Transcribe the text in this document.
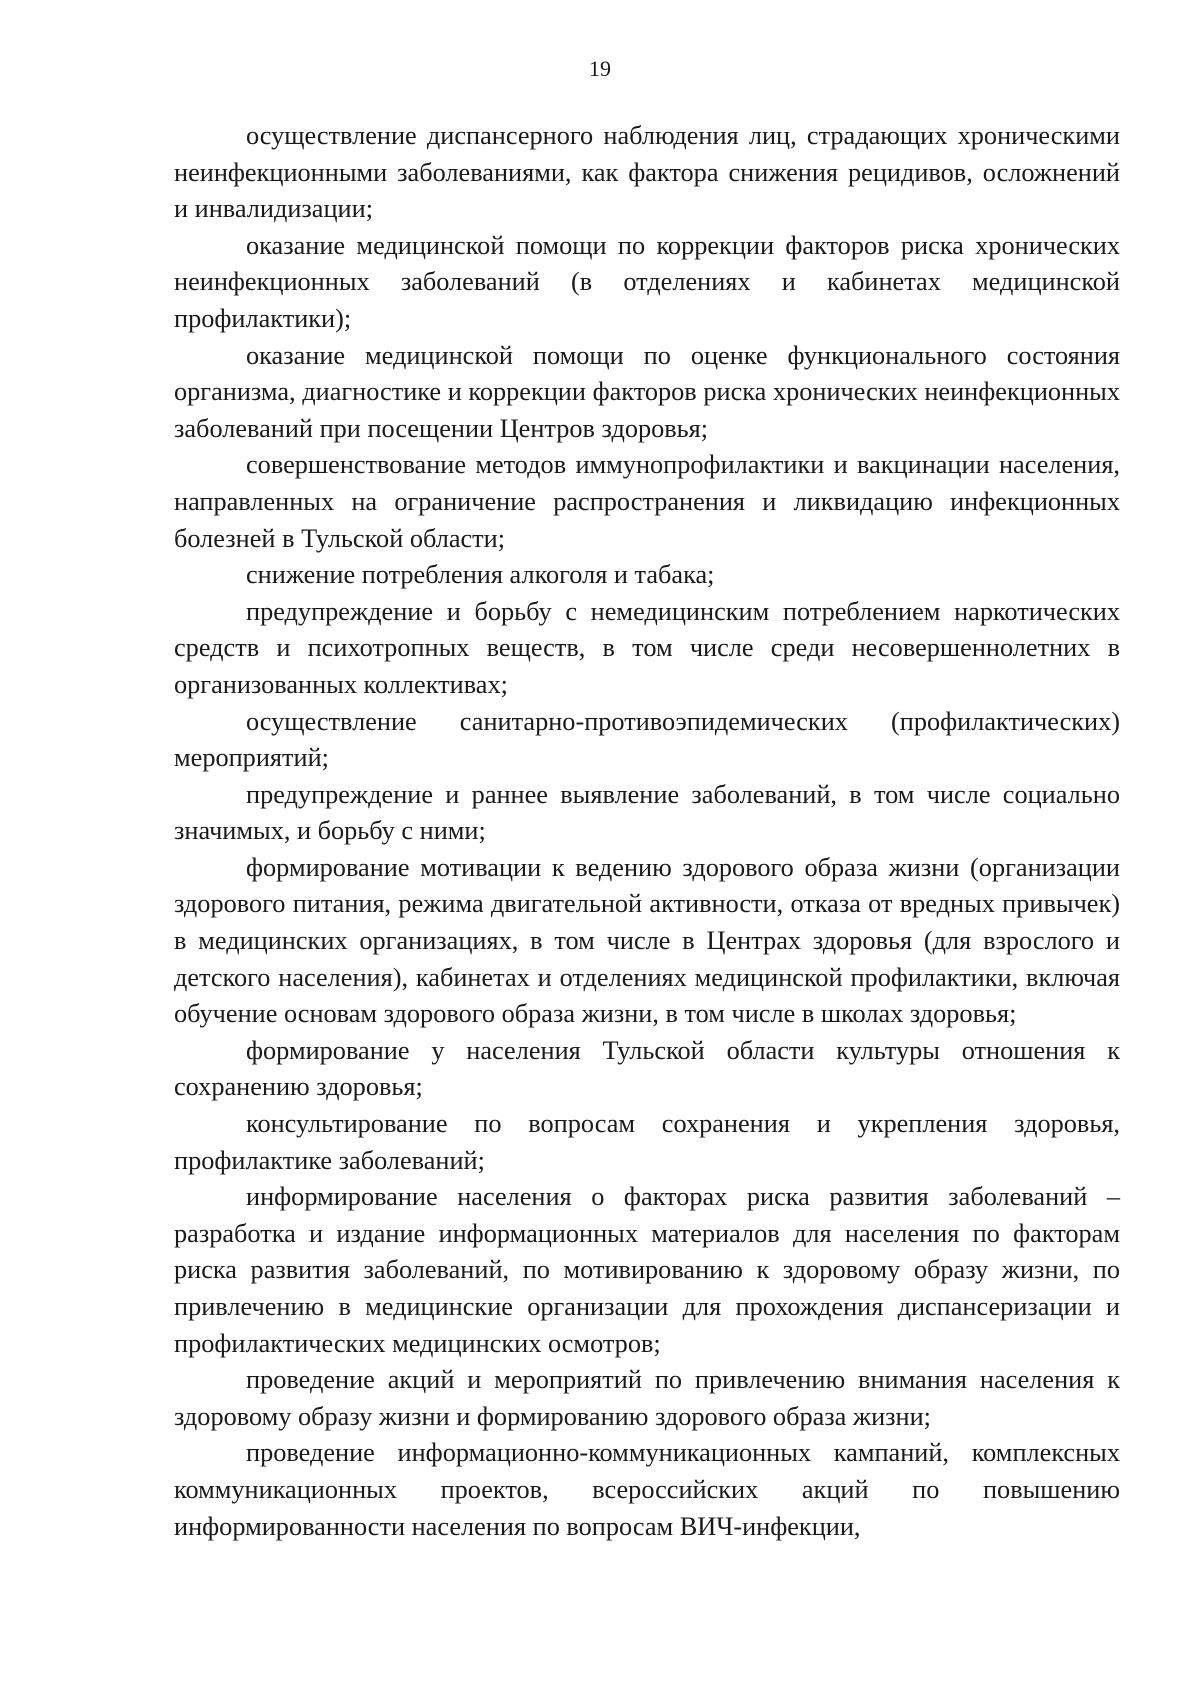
19

осуществление диспансерного наблюдения лиц, страдающих хроническими неинфекционными заболеваниями, как фактора снижения рецидивов, осложнений и инвалидизации;

оказание медицинской помощи по коррекции факторов риска хронических неинфекционных заболеваний (в отделениях и кабинетах медицинской профилактики);

оказание медицинской помощи по оценке функционального состояния организма, диагностике и коррекции факторов риска хронических неинфекционных заболеваний при посещении Центров здоровья;

совершенствование методов иммунопрофилактики и вакцинации населения, направленных на ограничение распространения и ликвидацию инфекционных болезней в Тульской области;

снижение потребления алкоголя и табака;

предупреждение и борьбу с немедицинским потреблением наркотических средств и психотропных веществ, в том числе среди несовершеннолетних в организованных коллективах;

осуществление санитарно-противоэпидемических (профилактических) мероприятий;

предупреждение и раннее выявление заболеваний, в том числе социально значимых, и борьбу с ними;

формирование мотивации к ведению здорового образа жизни (организации здорового питания, режима двигательной активности, отказа от вредных привычек) в медицинских организациях, в том числе в Центрах здоровья (для взрослого и детского населения), кабинетах и отделениях медицинской профилактики, включая обучение основам здорового образа жизни, в том числе в школах здоровья;

формирование у населения Тульской области культуры отношения к сохранению здоровья;

консультирование по вопросам сохранения и укрепления здоровья, профилактике заболеваний;

информирование населения о факторах риска развития заболеваний – разработка и издание информационных материалов для населения по факторам риска развития заболеваний, по мотивированию к здоровому образу жизни, по привлечению в медицинские организации для прохождения диспансеризации и профилактических медицинских осмотров;

проведение акций и мероприятий по привлечению внимания населения к здоровому образу жизни и формированию здорового образа жизни;

проведение информационно-коммуникационных кампаний, комплексных коммуникационных проектов, всероссийских акций по повышению информированности населения по вопросам ВИЧ-инфекции,
